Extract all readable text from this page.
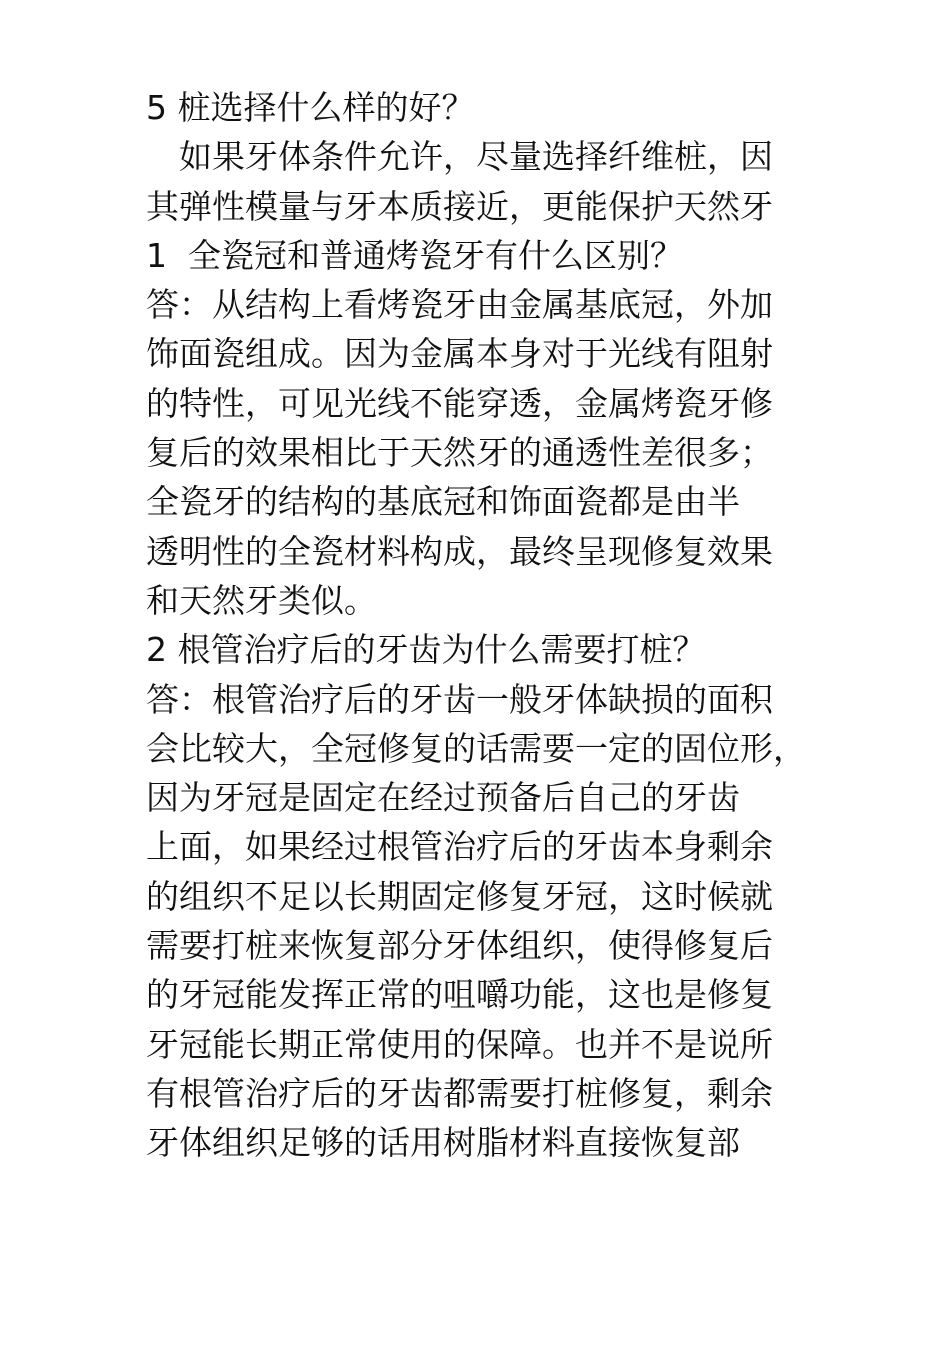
5 桩选择什么样的好？
　如果牙体条件允许，尽量选择纤维桩，因
其弹性模量与牙本质接近，更能保护天然牙
1  全瓷冠和普通烤瓷牙有什么区别？
答：从结构上看烤瓷牙由金属基底冠，外加
饰面瓷组成。因为金属本身对于光线有阻射
的特性，可见光线不能穿透，金属烤瓷牙修
复后的效果相比于天然牙的通透性差很多；
全瓷牙的结构的基底冠和饰面瓷都是由半
透明性的全瓷材料构成，最终呈现修复效果
和天然牙类似。
2 根管治疗后的牙齿为什么需要打桩？
答：根管治疗后的牙齿一般牙体缺损的面积
会比较大，全冠修复的话需要一定的固位形，
因为牙冠是固定在经过预备后自己的牙齿
上面，如果经过根管治疗后的牙齿本身剩余
的组织不足以长期固定修复牙冠，这时候就
需要打桩来恢复部分牙体组织，使得修复后
的牙冠能发挥正常的咀嚼功能，这也是修复
牙冠能长期正常使用的保障。也并不是说所
有根管治疗后的牙齿都需要打桩修复，剩余
牙体组织足够的话用树脂材料直接恢复部
